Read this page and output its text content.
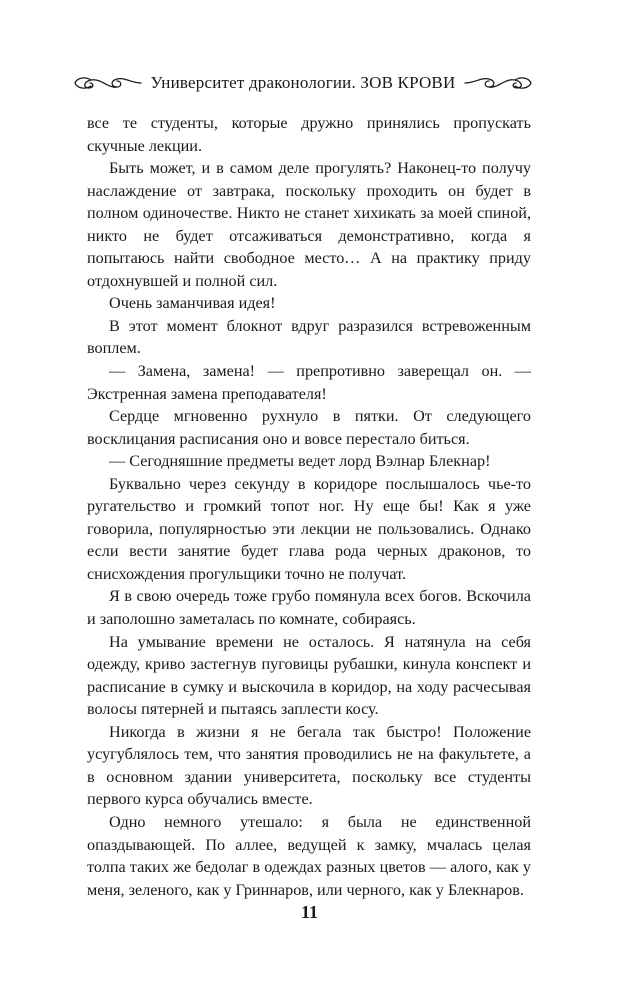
Университет драконологии. ЗОВ КРОВИ

все те студенты, которые дружно принялись пропускать скучные лекции.

Быть может, и в самом деле прогулять? Наконец-то получу наслаждение от завтрака, поскольку проходить он будет в полном одиночестве. Никто не станет хихикать за моей спиной, никто не будет отсаживаться демонстративно, когда я попытаюсь найти свободное место… А на практику приду отдохнувшей и полной сил.

Очень заманчивая идея!

В этот момент блокнот вдруг разразился встревоженным воплем.

— Замена, замена! — препротивно заверещал он. — Экстренная замена преподавателя!

Сердце мгновенно рухнуло в пятки. От следующего восклицания расписания оно и вовсе перестало биться.

— Сегодняшние предметы ведет лорд Вэлнар Блекнар!

Буквально через секунду в коридоре послышалось чье-то ругательство и громкий топот ног. Ну еще бы! Как я уже говорила, популярностью эти лекции не пользовались. Однако если вести занятие будет глава рода черных драконов, то снисхождения прогульщики точно не получат.

Я в свою очередь тоже грубо помянула всех богов. Вскочила и заполошно заметалась по комнате, собираясь.

На умывание времени не осталось. Я натянула на себя одежду, криво застегнув пуговицы рубашки, кинула конспект и расписание в сумку и выскочила в коридор, на ходу расчесывая волосы пятерней и пытаясь заплести косу.

Никогда в жизни я не бегала так быстро! Положение усугублялось тем, что занятия проводились не на факультете, а в основном здании университета, поскольку все студенты первого курса обучались вместе.

Одно немного утешало: я была не единственной опаздывающей. По аллее, ведущей к замку, мчалась целая толпа таких же бедолаг в одеждах разных цветов — алого, как у меня, зеленого, как у Гриннаров, или черного, как у Блекнаров.

11
